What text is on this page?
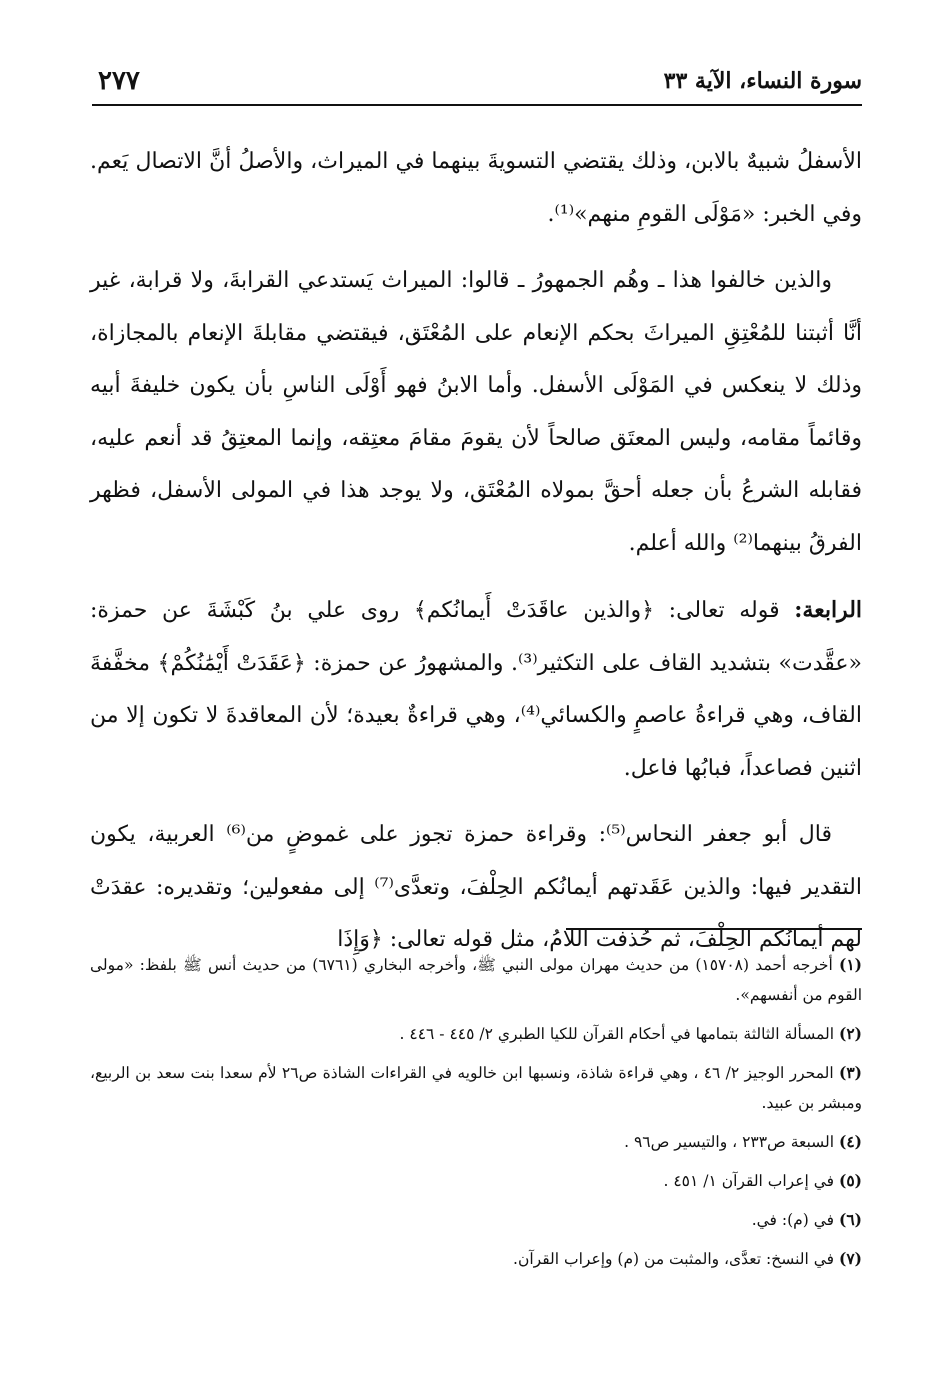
سورة النساء، الآية ٣٣
٢٧٧

الأسفلُ شبيهٌ بالابن، وذلك يقتضي التسويةَ بينهما في الميراث، والأصلُ أنَّ الاتصال يَعم. وفي الخبر: «مَوْلَى القومِ منهم»⁽¹⁾.

والذين خالفوا هذا ـ وهُم الجمهورُ ـ قالوا: الميراث يَستدعي القرابةَ، ولا قرابة، غير أنَّا أثبتنا للمُعْتِقِ الميراثَ بحكم الإنعام على المُعْتَق، فيقتضي مقابلةَ الإنعام بالمجازاة، وذلك لا ينعكس في المَوْلَى الأسفل. وأما الابنُ فهو أَوْلَى الناسِ بأن يكون خليفةَ أبيه وقائماً مقامه، وليس المعتَق صالحاً لأن يقومَ مقامَ معتِقه، وإنما المعتِقُ قد أنعم عليه، فقابله الشرعُ بأن جعله أحقَّ بمولاه المُعْتَق، ولا يوجد هذا في المولى الأسفل، فظهر الفرقُ بينهما⁽²⁾ والله أعلم.

الرابعة: قوله تعالى: ﴿والذين عاقَدَتْ أَيمانُكم﴾ روى علي بنُ كَبْشَةَ عن حمزة: «عقَّدت» بتشديد القاف على التكثير⁽³⁾. والمشهورُ عن حمزة: ﴿عَقَدَتْ أَيْمَٰنُكُمْ﴾ مخفَّفةَ القاف، وهي قراءةُ عاصمٍ والكسائي⁽⁴⁾، وهي قراءةٌ بعيدة؛ لأن المعاقدةَ لا تكون إلا من اثنين فصاعداً، فبابُها فاعل.

قال أبو جعفر النحاس⁽⁵⁾: وقراءة حمزة تجوز على غموضٍ من⁽⁶⁾ العربية، يكون التقدير فيها: والذين عَقَدتهم أيمانُكم الحِلْفَ، وتعدَّى⁽⁷⁾ إلى مفعولين؛ وتقديره: عقدَتْ لهم أيمانُكم الحِلْفَ، ثم حُذفت اللامُ، مثل قوله تعالى: ﴿وَإِذَا

(١) أخرجه أحمد (١٥٧٠٨) من حديث مهران مولى النبي ﷺ، وأخرجه البخاري (٦٧٦١) من حديث أنس ﷺ بلفظ: «مولى القوم من أنفسهم».

(٢) المسألة الثالثة بتمامها في أحكام القرآن للكيا الطبري ٢/ ٤٤٥ - ٤٤٦ .

(٣) المحرر الوجيز ٢/ ٤٦ ، وهي قراءة شاذة، ونسبها ابن خالويه في القراءات الشاذة ص٢٦ لأم سعدا بنت سعد بن الربيع، ومبشر بن عبيد.

(٤) السبعة ص٢٣٣ ، والتيسير ص٩٦ .

(٥) في إعراب القرآن ١/ ٤٥١ .

(٦) في (م): في.

(٧) في النسخ: تعدَّى، والمثبت من (م) وإعراب القرآن.
